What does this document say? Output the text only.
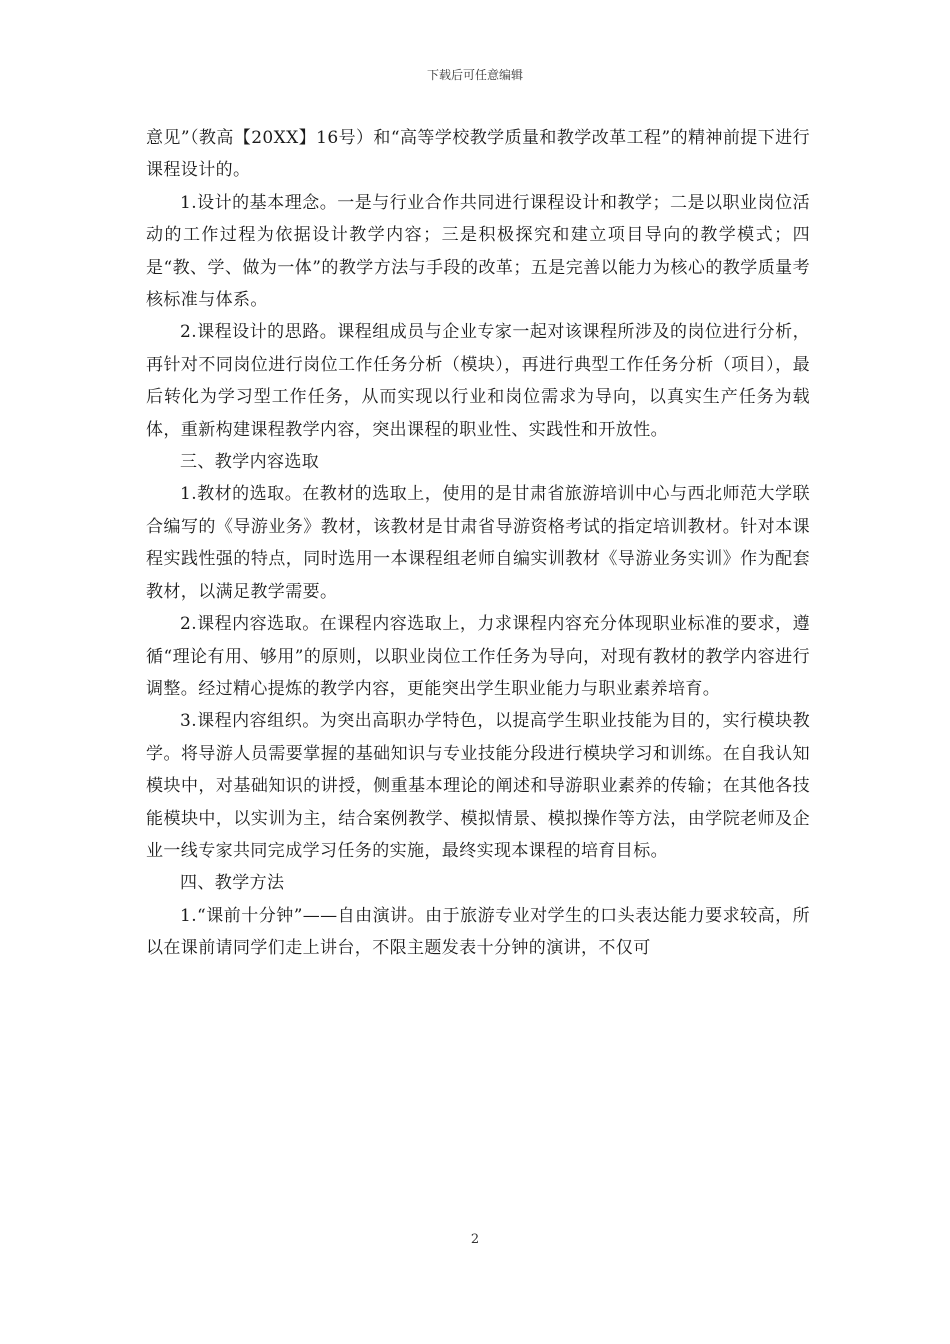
下载后可任意编辑

意见”（教高【20XX】16号）和“高等学校教学质量和教学改革工程”的精神前提下进行课程设计的。

1.设计的基本理念。一是与行业合作共同进行课程设计和教学；二是以职业岗位活动的工作过程为依据设计教学内容；三是积极探究和建立项目导向的教学模式；四是“教、学、做为一体”的教学方法与手段的改革；五是完善以能力为核心的教学质量考核标准与体系。

2.课程设计的思路。课程组成员与企业专家一起对该课程所涉及的岗位进行分析，再针对不同岗位进行岗位工作任务分析（模块），再进行典型工作任务分析（项目），最后转化为学习型工作任务，从而实现以行业和岗位需求为导向，以真实生产任务为载体，重新构建课程教学内容，突出课程的职业性、实践性和开放性。

三、教学内容选取

1.教材的选取。在教材的选取上，使用的是甘肃省旅游培训中心与西北师范大学联合编写的《导游业务》教材，该教材是甘肃省导游资格考试的指定培训教材。针对本课程实践性强的特点，同时选用一本课程组老师自编实训教材《导游业务实训》作为配套教材，以满足教学需要。

2.课程内容选取。在课程内容选取上，力求课程内容充分体现职业标准的要求，遵循“理论有用、够用”的原则，以职业岗位工作任务为导向，对现有教材的教学内容进行调整。经过精心提炼的教学内容，更能突出学生职业能力与职业素养培育。

3.课程内容组织。为突出高职办学特色，以提高学生职业技能为目的，实行模块教学。将导游人员需要掌握的基础知识与专业技能分段进行模块学习和训练。在自我认知模块中，对基础知识的讲授，侧重基本理论的阐述和导游职业素养的传输；在其他各技能模块中，以实训为主，结合案例教学、模拟情景、模拟操作等方法，由学院老师及企业一线专家共同完成学习任务的实施，最终实现本课程的培育目标。

四、教学方法

1.“课前十分钟”——自由演讲。由于旅游专业对学生的口头表达能力要求较高，所以在课前请同学们走上讲台，不限主题发表十分钟的演讲，不仅可

2
